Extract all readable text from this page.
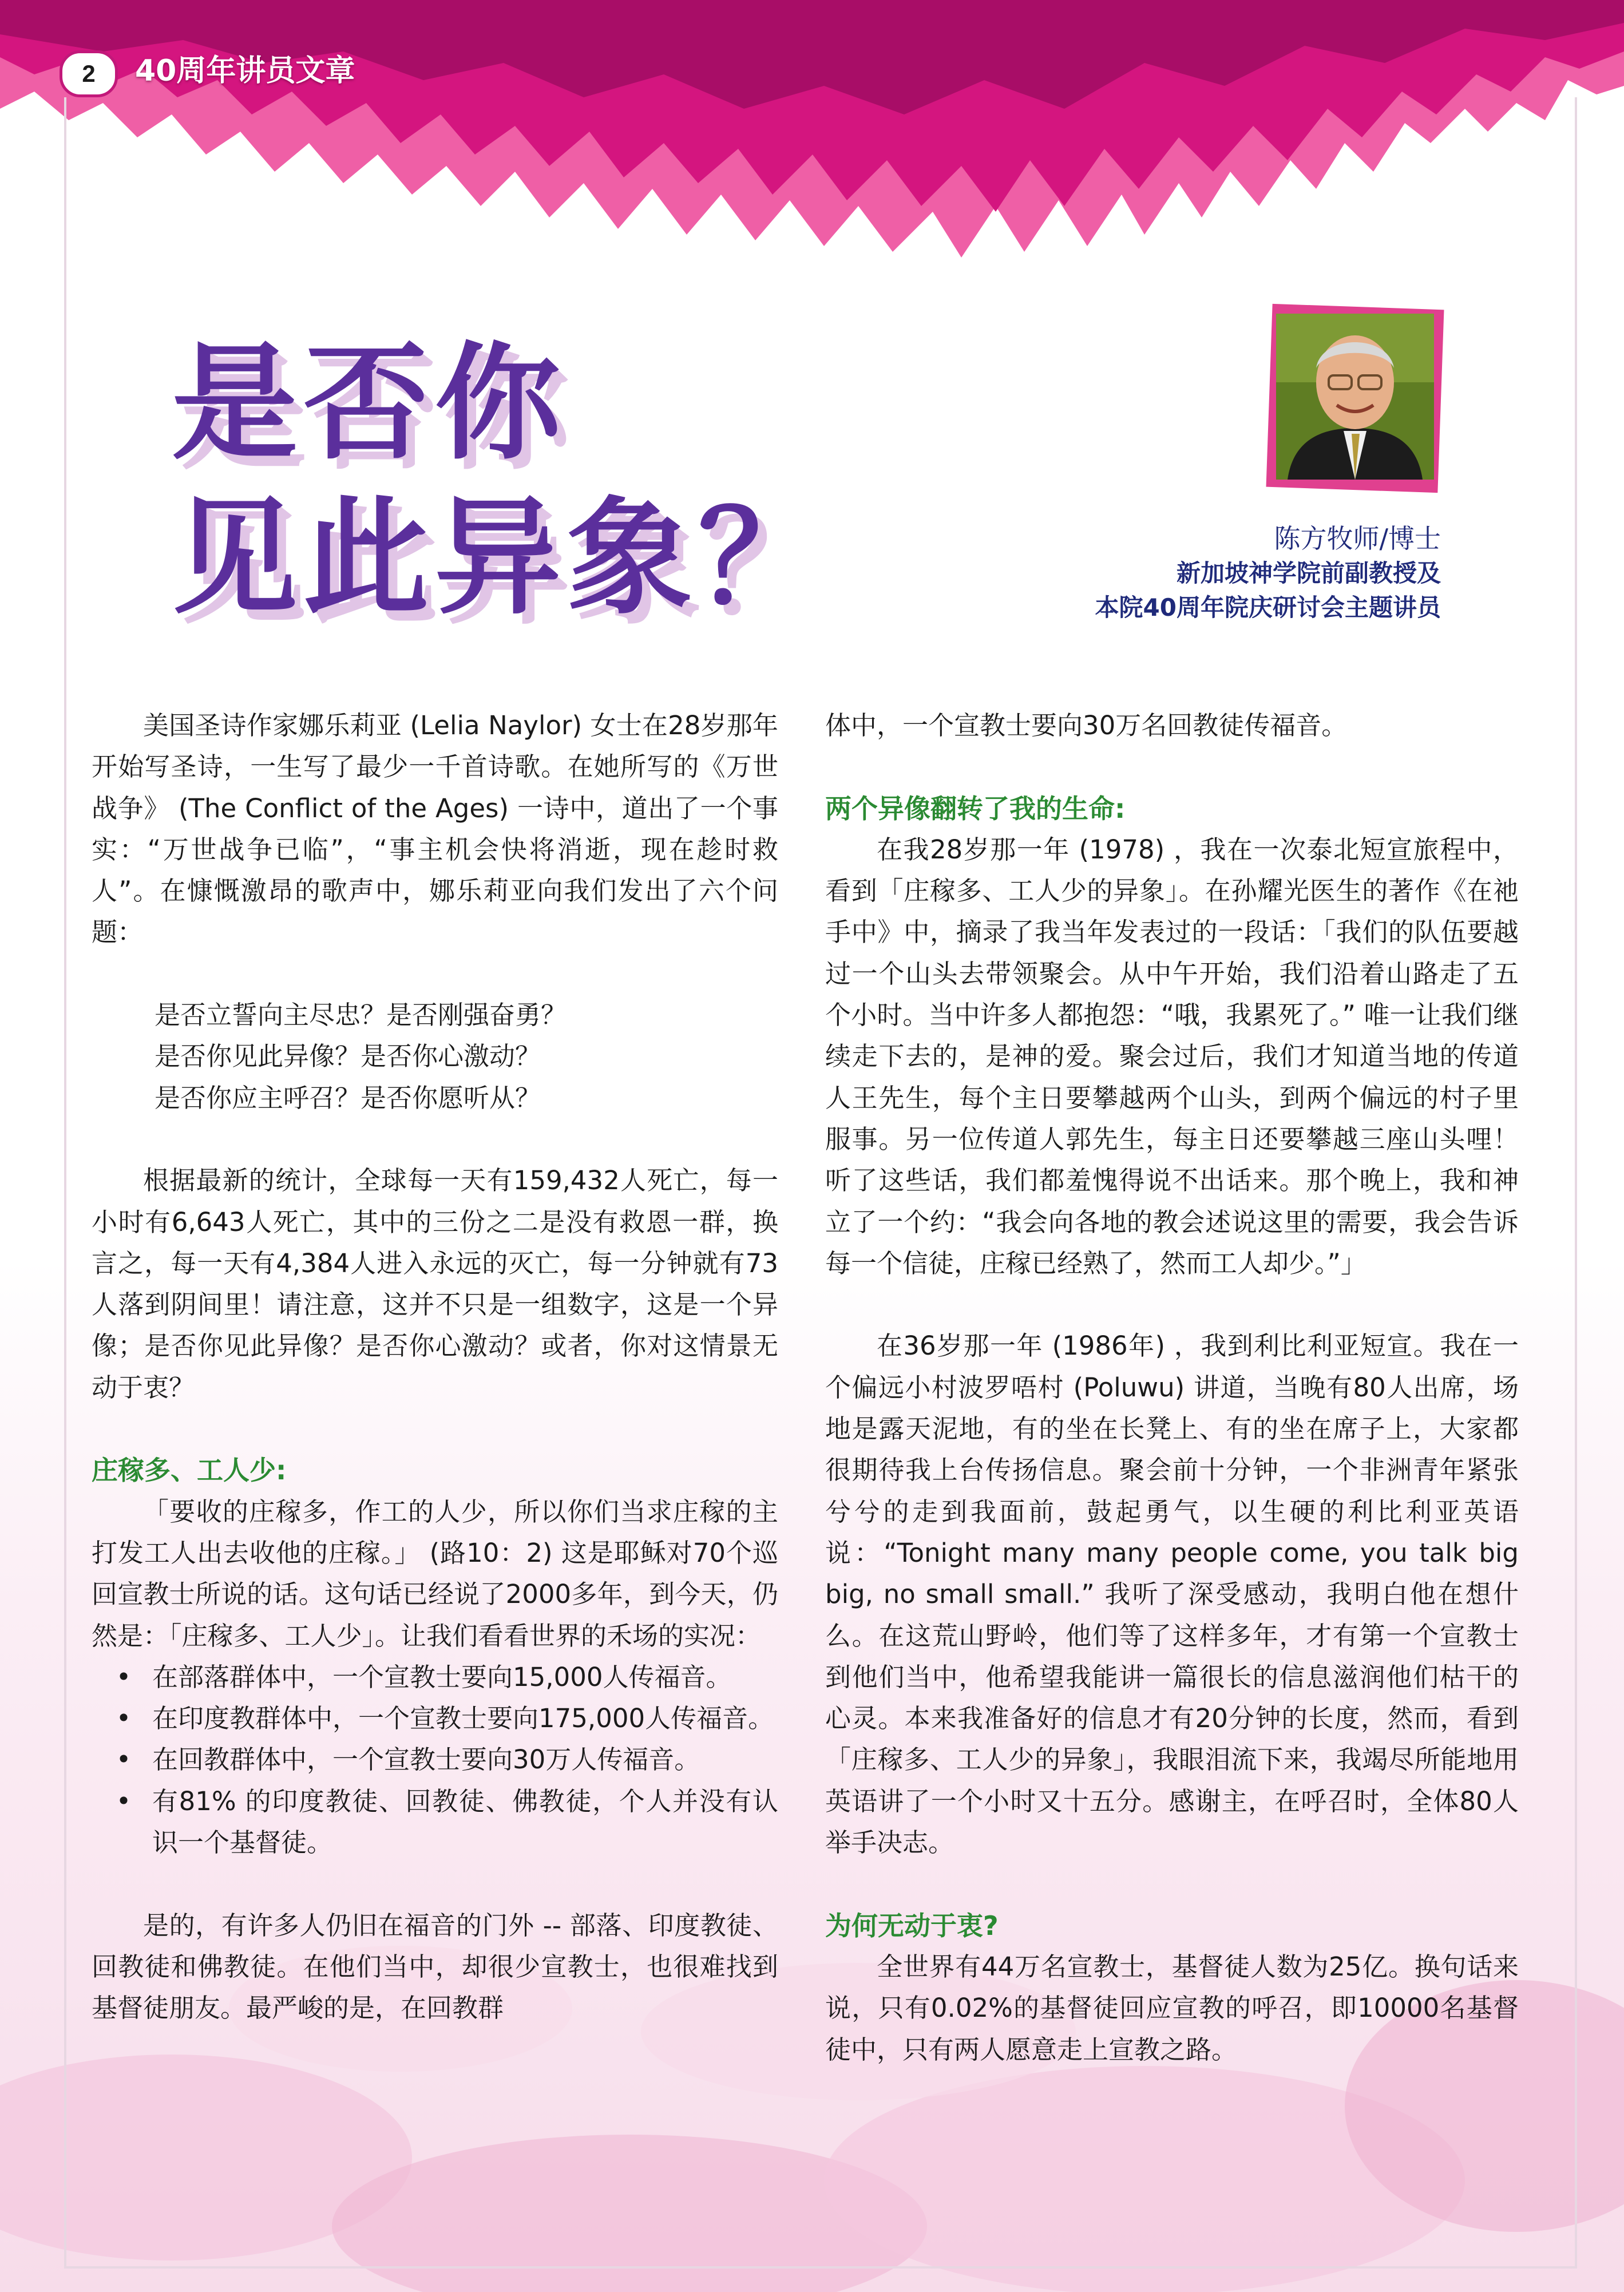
2	40周年讲员文章
是否你
见此异象？	陈方牧师/博士
新加坡神学院前副教授及
本院40周年院庆研讨会主题讲员

美国圣诗作家娜乐莉亚 (Lelia Naylor) 女士在28岁那年开始写圣诗，一生写了最少一千首诗歌。在她所写的《万世战争》 (The Conflict of the Ages) 一诗中，道出了一个事实：“万世战争已临”，“事主机会快将消逝，现在趁时救人”。在慷慨激昂的歌声中，娜乐莉亚向我们发出了六个问题：

是否立誓向主尽忠？是否刚强奋勇？

是否你见此异像？是否你心激动？

是否你应主呼召？是否你愿听从？

根据最新的统计，全球每一天有159,432人死亡，每一小时有6,643人死亡，其中的三份之二是没有救恩一群，换言之，每一天有4,384人进入永远的灭亡，每一分钟就有73人落到阴间里！请注意，这并不只是一组数字，这是一个异像；是否你见此异像？是否你心激动？或者，你对这情景无动于衷？

庄稼多、工人少:

「要收的庄稼多，作工的人少，所以你们当求庄稼的主打发工人出去收他的庄稼。」 (路10：2) 这是耶稣对70个巡回宣教士所说的话。这句话已经说了2000多年，到今天，仍然是：「庄稼多、工人少」。让我们看看世界的禾场的实况：

• 在部落群体中，一个宣教士要向15,000人传福音。
• 在印度教群体中，一个宣教士要向175,000人传福音。
• 在回教群体中，一个宣教士要向30万人传福音。
• 有81% 的印度教徒、回教徒、佛教徒，个人并没有认识一个基督徒。

是的，有许多人仍旧在福音的门外 -- 部落、印度教徒、回教徒和佛教徒。在他们当中，却很少宣教士，也很难找到基督徒朋友。最严峻的是，在回教群

体中，一个宣教士要向30万名回教徒传福音。

两个异像翻转了我的生命:

在我28岁那一年 (1978) ，我在一次泰北短宣旅程中，看到「庄稼多、工人少的异象」。在孙耀光医生的著作《在祂手中》中，摘录了我当年发表过的一段话：「我们的队伍要越过一个山头去带领聚会。从中午开始，我们沿着山路走了五个小时。当中许多人都抱怨：“哦，我累死了。” 唯一让我们继续走下去的，是神的爱。聚会过后，我们才知道当地的传道人王先生，每个主日要攀越两个山头，到两个偏远的村子里服事。另一位传道人郭先生，每主日还要攀越三座山头哩！听了这些话，我们都羞愧得说不出话来。那个晚上，我和神立了一个约：“我会向各地的教会述说这里的需要，我会告诉每一个信徒，庄稼已经熟了，然而工人却少。”」

在36岁那一年 (1986年) ，我到利比利亚短宣。我在一个偏远小村波罗唔村 (Poluwu) 讲道，当晚有80人出席，场地是露天泥地，有的坐在长凳上、有的坐在席子上，大家都很期待我上台传扬信息。聚会前十分钟，一个非洲青年紧张兮兮的走到我面前，鼓起勇气，以生硬的利比利亚英语说：“Tonight many many people come, you talk big big, no small small.” 我听了深受感动，我明白他在想什么。在这荒山野岭，他们等了这样多年，才有第一个宣教士到他们当中，他希望我能讲一篇很长的信息滋润他们枯干的心灵。本来我准备好的信息才有20分钟的长度，然而，看到「庄稼多、工人少的异象」，我眼泪流下来，我竭尽所能地用英语讲了一个小时又十五分。感谢主，在呼召时，全体80人举手决志。

为何无动于衷?

全世界有44万名宣教士，基督徒人数为25亿。换句话来说，只有0.02%的基督徒回应宣教的呼召，即10000名基督徒中，只有两人愿意走上宣教之路。
